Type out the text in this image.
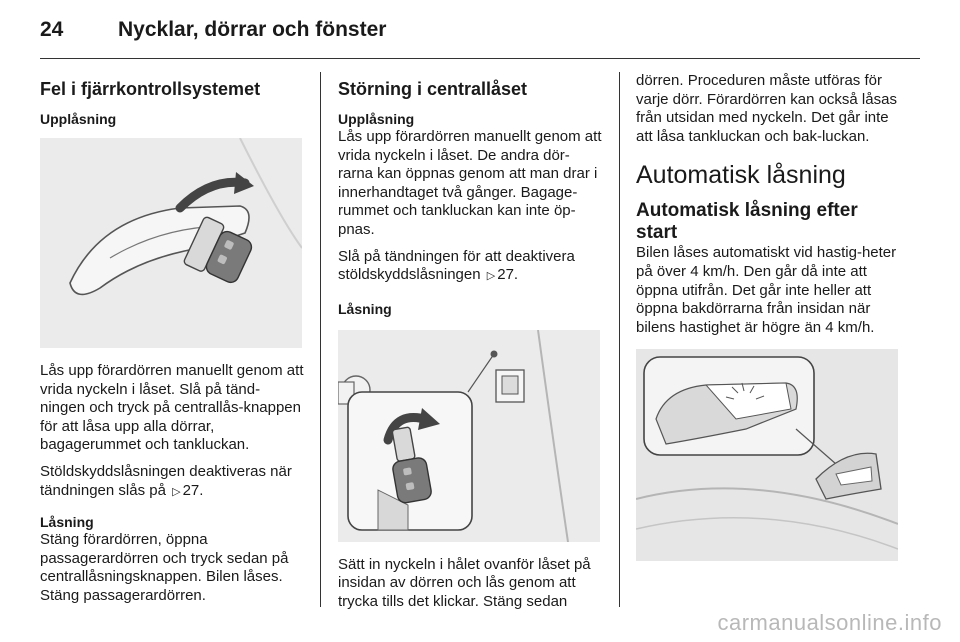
24	Nycklar, dörrar och fönster
Fel i fjärrkontrollsystemet
Upplåsning

Lås upp förardörren manuellt genom att vrida nyckeln i låset. Slå på tänd-ningen och tryck på centrallås-knappen för att låsa upp alla dörrar, bagagerummet och tankluckan.

Stöldskyddslåsningen deaktiveras när tändningen slås på ▷ 27.

Låsning

Stäng förardörren, öppna passagerardörren och tryck sedan på centrallåsningsknappen. Bilen låses. Stäng passagerardörren.

Störning i centrallåset
Upplåsning

Lås upp förardörren manuellt genom att vrida nyckeln i låset. De andra dör-rarna kan öppnas genom att man drar i innerhandtaget två gånger. Bagage-rummet och tankluckan kan inte öp-pnas.

Slå på tändningen för att deaktivera stöldskyddslåsningen ▷ 27.

Låsning

Sätt in nyckeln i hålet ovanför låset på insidan av dörren och lås genom att trycka tills det klickar. Stäng sedan

dörren. Proceduren måste utföras för varje dörr. Förardörren kan också låsas från utsidan med nyckeln. Det går inte att låsa tankluckan och bak-luckan.

Automatisk låsning
Automatisk låsning efter start

Bilen låses automatiskt vid hastig-heter på över 4 km/h. Den går då inte att öppna utifrån. Det går inte heller att öppna bakdörrarna från insidan när bilens hastighet är högre än 4 km/h.

carmanualsonline.info
